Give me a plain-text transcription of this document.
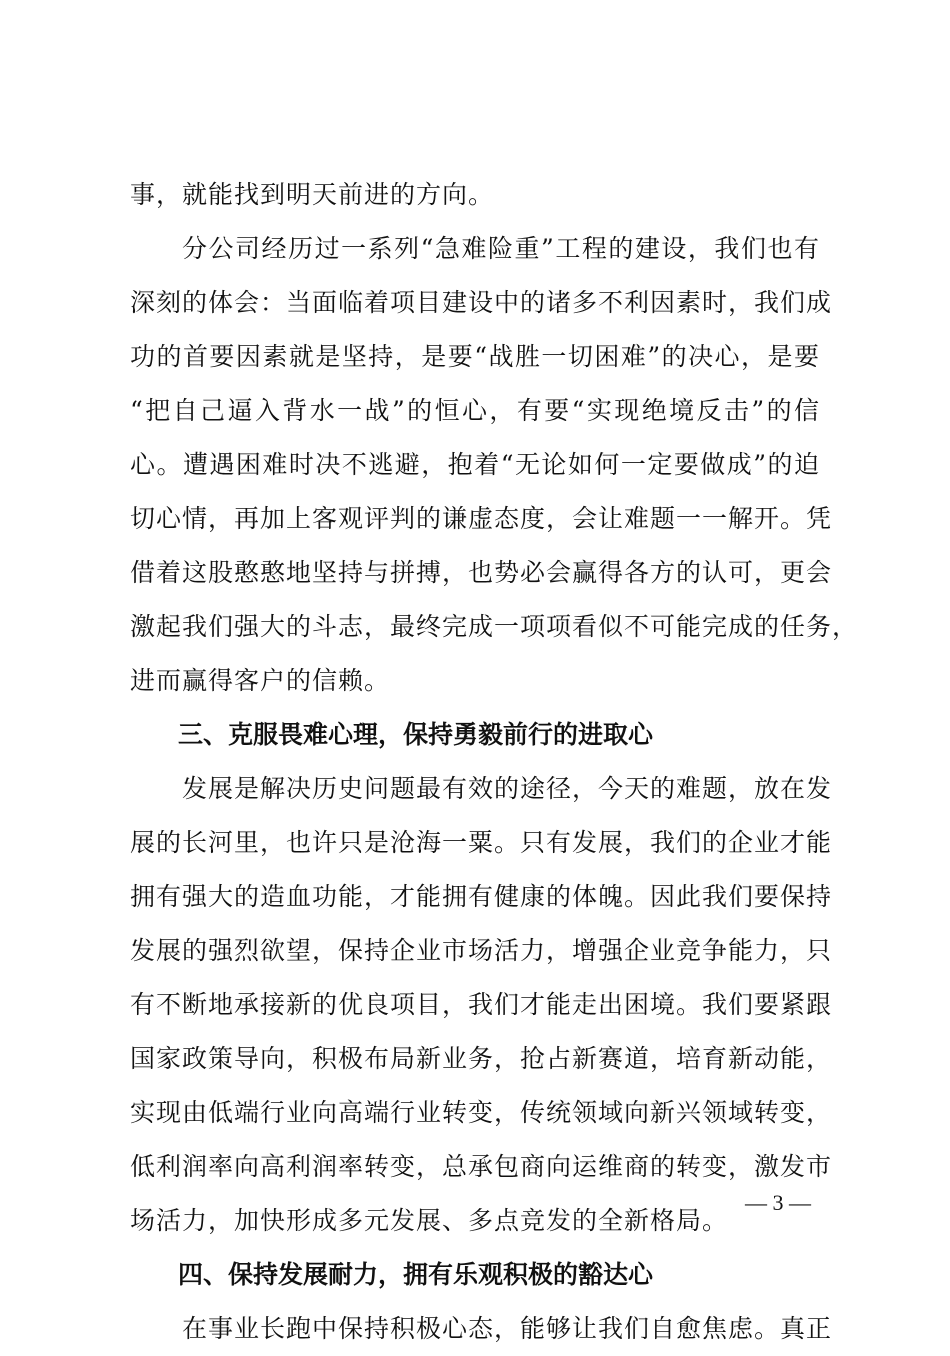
事，就能找到明天前进的方向。
分公司经历过一系列“急难险重”工程的建设，我们也有
深刻的体会：当面临着项目建设中的诸多不利因素时，我们成
功的首要因素就是坚持，是要“战胜一切困难”的决心，是要
“把自己逼入背水一战”的恒心，有要“实现绝境反击”的信
心。遭遇困难时决不逃避，抱着“无论如何一定要做成”的迫
切心情，再加上客观评判的谦虚态度，会让难题一一解开。凭
借着这股憨憨地坚持与拼搏，也势必会赢得各方的认可，更会
激起我们强大的斗志，最终完成一项项看似不可能完成的任务，
进而赢得客户的信赖。
三、克服畏难心理，保持勇毅前行的进取心
发展是解决历史问题最有效的途径，今天的难题，放在发
展的长河里，也许只是沧海一粟。只有发展，我们的企业才能
拥有强大的造血功能，才能拥有健康的体魄。因此我们要保持
发展的强烈欲望，保持企业市场活力，增强企业竞争能力，只
有不断地承接新的优良项目，我们才能走出困境。我们要紧跟
国家政策导向，积极布局新业务，抢占新赛道，培育新动能，
实现由低端行业向高端行业转变，传统领域向新兴领域转变，
低利润率向高利润率转变，总承包商向运维商的转变，激发市
场活力，加快形成多元发展、多点竞发的全新格局。
四、保持发展耐力，拥有乐观积极的豁达心
在事业长跑中保持积极心态，能够让我们自愈焦虑。真正
— 3 —
